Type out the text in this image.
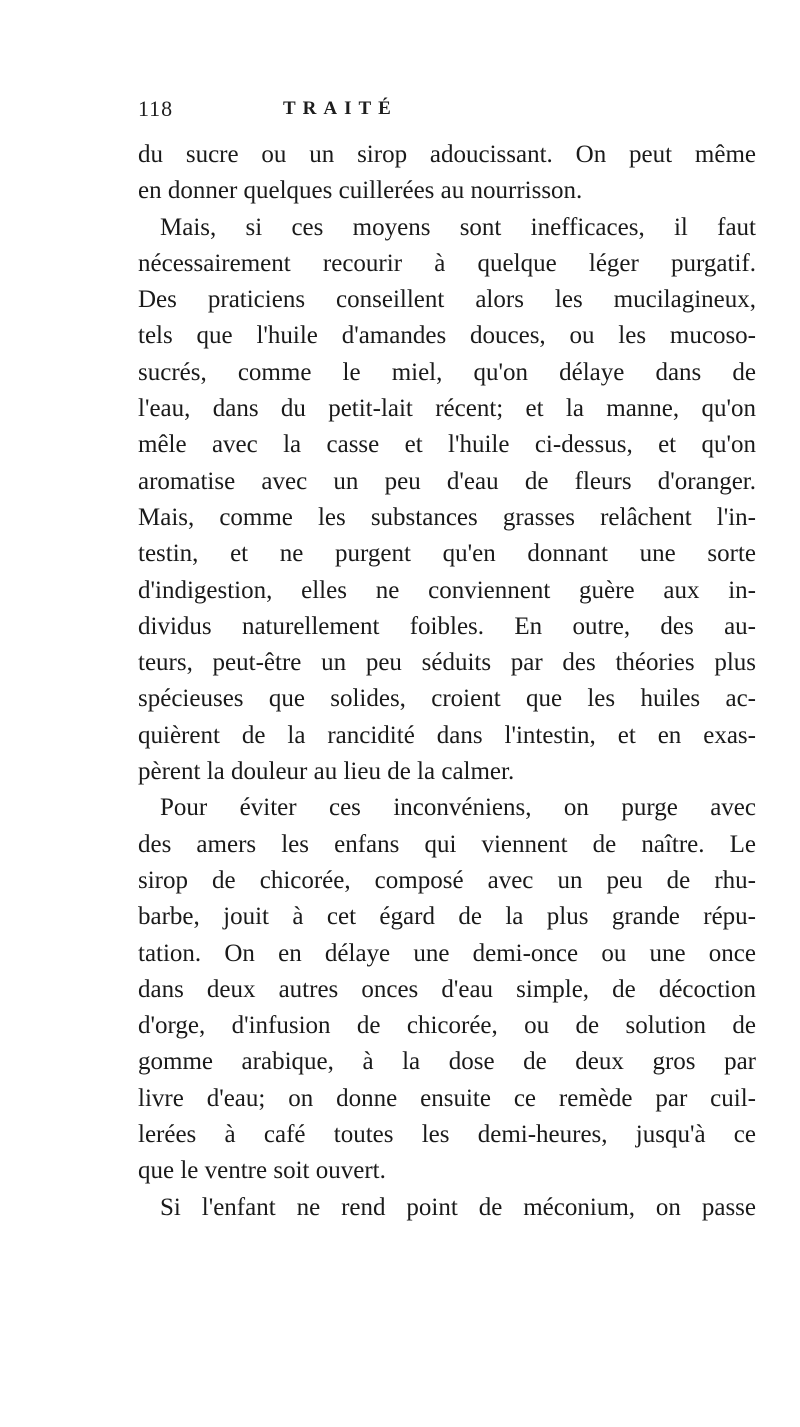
118	TRAITÉ
du sucre ou un sirop adoucissant. On peut même
en donner quelques cuillerées au nourrisson.
Mais, si ces moyens sont inefficaces, il faut
nécessairement recourir à quelque léger purgatif.
Des praticiens conseillent alors les mucilagineux,
tels que l'huile d'amandes douces, ou les mucoso-
sucrés, comme le miel, qu'on délaye dans de
l'eau, dans du petit-lait récent; et la manne, qu'on
mêle avec la casse et l'huile ci-dessus, et qu'on
aromatise avec un peu d'eau de fleurs d'oranger.
Mais, comme les substances grasses relâchent l'in-
testin, et ne purgent qu'en donnant une sorte
d'indigestion, elles ne conviennent guère aux in-
dividus naturellement foibles. En outre, des au-
teurs, peut-être un peu séduits par des théories plus
spécieuses que solides, croient que les huiles ac-
quièrent de la rancidité dans l'intestin, et en exas-
pèrent la douleur au lieu de la calmer.
Pour éviter ces inconvéniens, on purge avec
des amers les enfans qui viennent de naître. Le
sirop de chicorée, composé avec un peu de rhu-
barbe, jouit à cet égard de la plus grande répu-
tation. On en délaye une demi-once ou une once
dans deux autres onces d'eau simple, de décoction
d'orge, d'infusion de chicorée, ou de solution de
gomme arabique, à la dose de deux gros par
livre d'eau; on donne ensuite ce remède par cuil-
lerées à café toutes les demi-heures, jusqu'à ce
que le ventre soit ouvert.
Si l'enfant ne rend point de méconium, on passe
